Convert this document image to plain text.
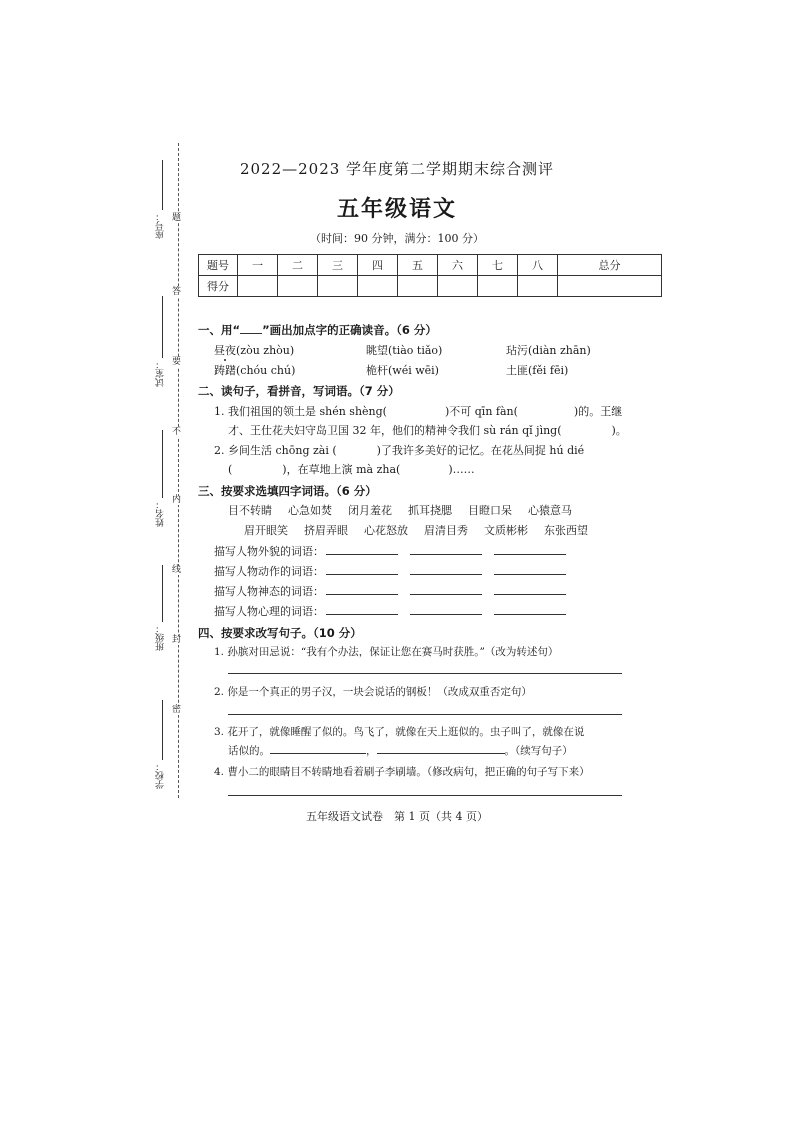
座号：
试室：
姓名：
班级：
学校：
题
答
要
不
内
线
封
密
2022—2023 学年度第二学期期末综合测评
五年级语文
（时间：90 分钟，满分：100 分）
题号	一	二	三	四	五	六	七	八	总分
得分									
一、用“ ”画出加点字的正确读音。（6 分）
昼夜(zòu zhòu)	眺望(tiào tiǎo)	玷污(diàn zhān)
踌躇(chóu chú)	桅杆(wéi wēi)	土匪(fěi fēi)
二、读句子，看拼音，写词语。（7 分）
1. 我们祖国的领土是 shén shèng(	)不可 qīn fàn(	)的。王继
才、王仕花夫妇守岛卫国 32 年，他们的精神令我们 sù rán qǐ jìng(	)。
2. 乡间生活 chōng zài (	)了我许多美好的记忆。在花丛间捉 hú dié
(	)，在草地上演 mà zha(	)……
三、按要求选填四字词语。（6 分）
目不转睛 心急如焚 闭月羞花 抓耳挠腮 目瞪口呆 心猿意马
眉开眼笑 挤眉弄眼 心花怒放 眉清目秀 文质彬彬 东张西望
描写人物外貌的词语：
描写人物动作的词语：
描写人物神态的词语：
描写人物心理的词语：
四、按要求改写句子。（10 分）
1. 孙膑对田忌说：“我有个办法，保证让您在赛马时获胜。”（改为转述句）
2. 你是一个真正的男子汉，一块会说话的钢板！（改成双重否定句）
3. 花开了，就像睡醒了似的。鸟飞了，就像在天上逛似的。虫子叫了，就像在说
话似的。	，	。（续写句子）
4. 曹小二的眼睛目不转睛地看着刷子李刷墙。（修改病句，把正确的句子写下来）
五年级语文试卷　第 1 页（共 4 页）
